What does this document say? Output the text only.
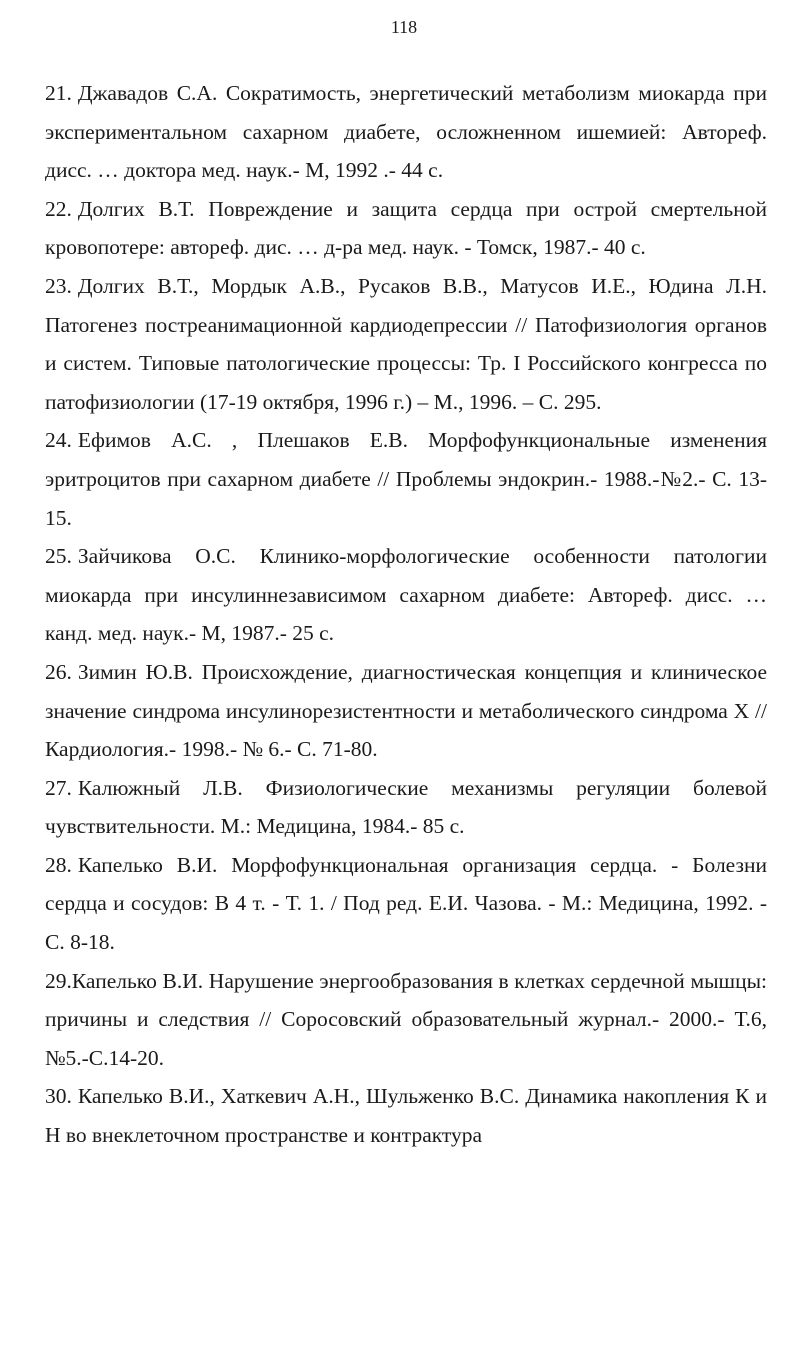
118

21. Джавадов С.А. Сократимость, энергетический метаболизм миокарда при экспериментальном сахарном диабете, осложненном ишемией: Автореф. дисс. … доктора мед. наук.- М, 1992 .- 44 с.

22. Долгих В.Т. Повреждение и защита сердца при острой смертельной кровопотере: автореф. дис. … д-ра мед. наук. - Томск, 1987.- 40 с.

23. Долгих В.Т., Мордык А.В., Русаков В.В., Матусов И.Е., Юдина Л.Н. Патогенез постреанимационной кардиодепрессии // Патофизиология органов и систем. Типовые патологические процессы: Тр. I Российского конгресса по патофизиологии (17-19 октября, 1996 г.) – М., 1996. – С. 295.

24. Ефимов А.С. , Плешаков Е.В. Морфофункциональные изменения эритроцитов при сахарном диабете // Проблемы эндокрин.- 1988.-№2.- С. 13-15.

25. Зайчикова О.С. Клинико-морфологические особенности патологии миокарда при инсулиннезависимом сахарном диабете: Автореф. дисс. … канд. мед. наук.- М, 1987.- 25 с.

26. Зимин Ю.В. Происхождение, диагностическая концепция и клиническое значение синдрома инсулинорезистентности и метаболического синдрома X // Кардиология.- 1998.- № 6.- С. 71-80.

27. Калюжный Л.В. Физиологические механизмы регуляции болевой чувствительности. М.: Медицина, 1984.- 85 с.

28. Капелько В.И. Морфофункциональная организация сердца. - Болезни сердца и сосудов: В 4 т. - Т. 1. / Под ред. Е.И. Чазова. - М.: Медицина, 1992. - С. 8-18.

29.Капелько В.И. Нарушение энергообразования в клетках сердечной мышцы: причины и следствия // Соросовский образовательный журнал.- 2000.- Т.6, №5.-С.14-20.

30. Капелько В.И., Хаткевич А.Н., Шульженко В.С. Динамика накопления К и Н во внеклеточном пространстве и контрактура
